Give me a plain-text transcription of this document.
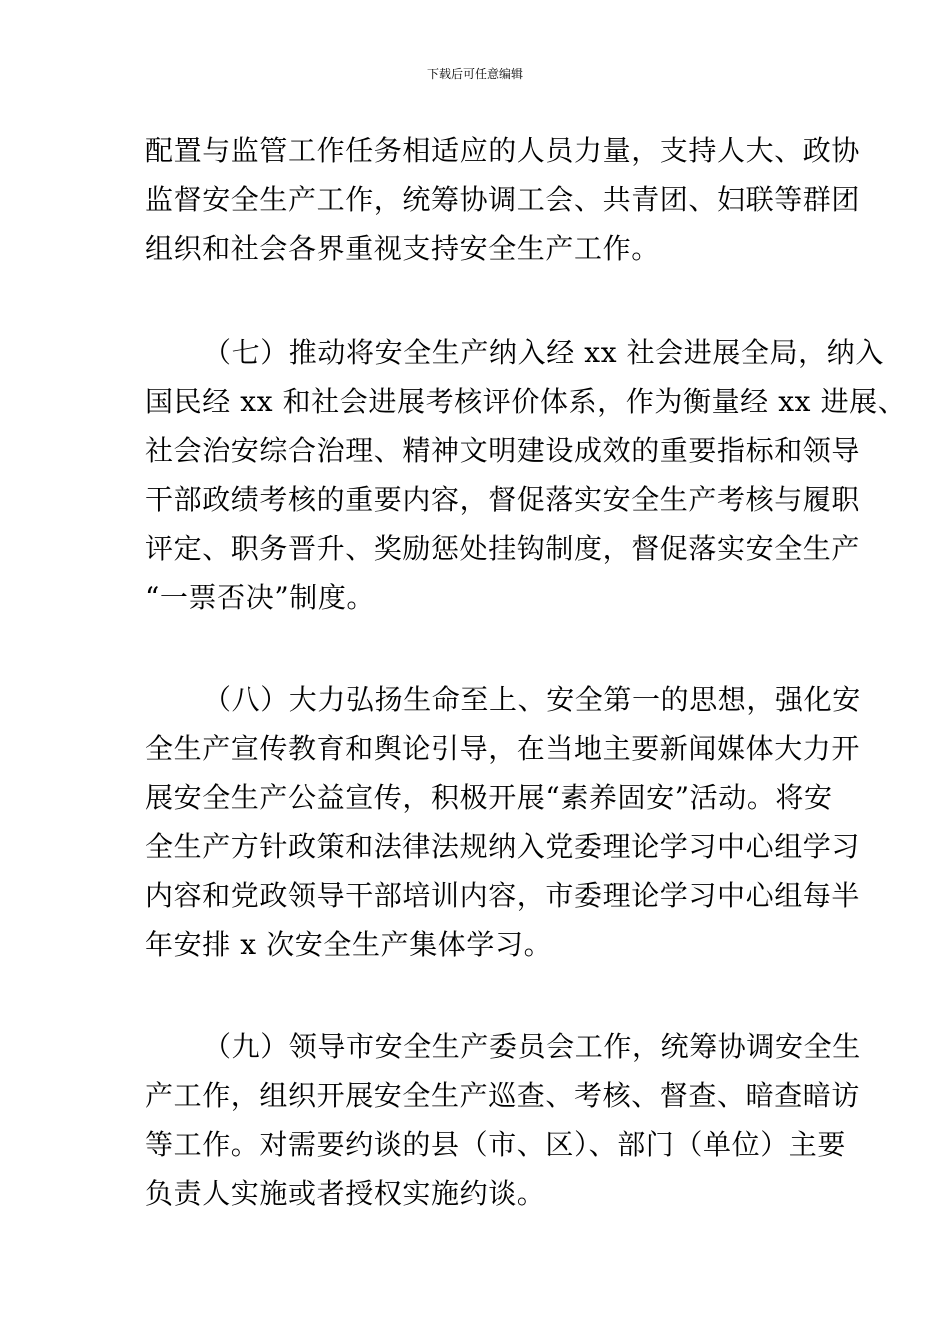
下载后可任意编辑
配置与监管工作任务相适应的人员力量，支持人大、政协
监督安全生产工作，统筹协调工会、共青团、妇联等群团
组织和社会各界重视支持安全生产工作。
（七）推动将安全生产纳入经 xx 社会进展全局，纳入
国民经 xx 和社会进展考核评价体系，作为衡量经 xx 进展、
社会治安综合治理、精神文明建设成效的重要指标和领导
干部政绩考核的重要内容，督促落实安全生产考核与履职
评定、职务晋升、奖励惩处挂钩制度，督促落实安全生产
“一票否决”制度。
（八）大力弘扬生命至上、安全第一的思想，强化安
全生产宣传教育和舆论引导，在当地主要新闻媒体大力开
展安全生产公益宣传，积极开展“素养固安”活动。将安
全生产方针政策和法律法规纳入党委理论学习中心组学习
内容和党政领导干部培训内容，市委理论学习中心组每半
年安排 x 次安全生产集体学习。
（九）领导市安全生产委员会工作，统筹协调安全生
产工作，组织开展安全生产巡查、考核、督查、暗查暗访
等工作。对需要约谈的县（市、区）、部门（单位）主要
负责人实施或者授权实施约谈。
